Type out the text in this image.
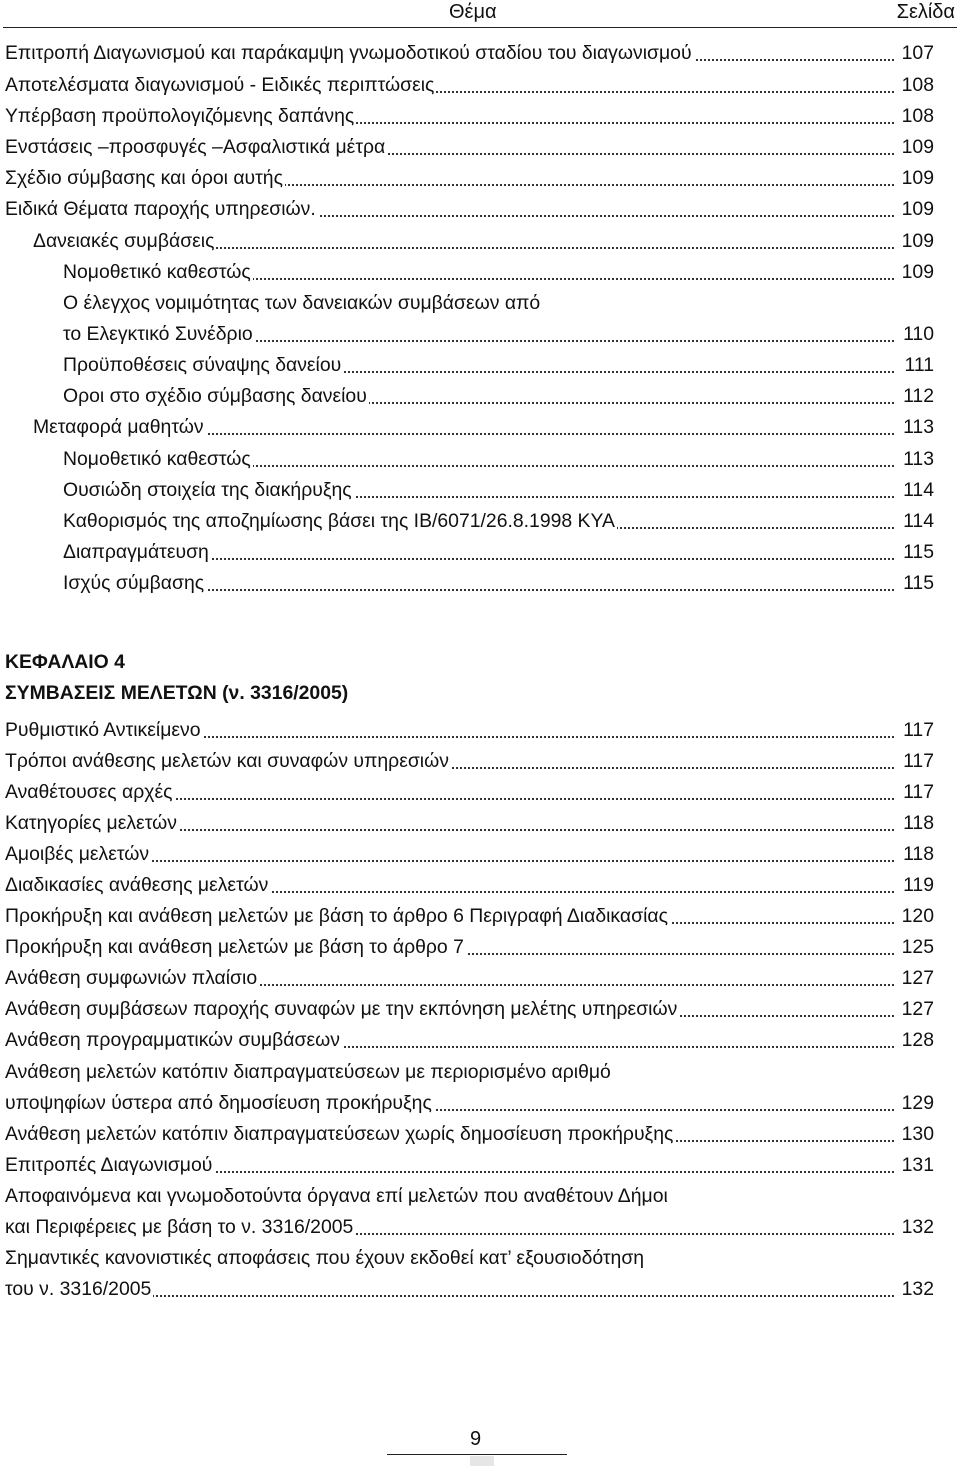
Θέμα	Σελίδα
Επιτροπή Διαγωνισμού και παράκαμψη γνωμοδοτικού σταδίου του διαγωνισμού	107
Αποτελέσματα διαγωνισμού - Ειδικές περιπτώσεις	108
Υπέρβαση προϋπολογιζόμενης δαπάνης	108
Ενστάσεις –προσφυγές –Ασφαλιστικά μέτρα	109
Σχέδιο σύμβασης και όροι αυτής	109
Ειδικά Θέματα παροχής υπηρεσιών.	109
Δανειακές συμβάσεις	109
Νομοθετικό καθεστώς	109
Ο έλεγχος νομιμότητας των δανειακών συμβάσεων από
το Ελεγκτικό Συνέδριο	110
Προϋποθέσεις σύναψης δανείου	111
Οροι στο σχέδιο σύμβασης δανείου	112
Μεταφορά μαθητών	113
Νομοθετικό καθεστώς	113
Ουσιώδη στοιχεία της διακήρυξης	114
Καθορισμός της αποζημίωσης βάσει της ΙΒ/6071/26.8.1998 ΚΥΑ	114
Διαπραγμάτευση	115
Ισχύς σύμβασης	115
ΚΕΦΑΛΑΙΟ 4
ΣΥΜΒΑΣΕΙΣ ΜΕΛΕΤΩΝ (ν. 3316/2005)
Ρυθμιστικό Αντικείμενο	117
Τρόποι ανάθεσης μελετών και συναφών υπηρεσιών	117
Αναθέτουσες αρχές	117
Κατηγορίες μελετών	118
Αμοιβές μελετών	118
Διαδικασίες ανάθεσης μελετών	119
Προκήρυξη και ανάθεση μελετών με βάση το άρθρο 6 Περιγραφή Διαδικασίας	120
Προκήρυξη και ανάθεση μελετών με βάση το άρθρο 7	125
Ανάθεση συμφωνιών πλαίσιο	127
Ανάθεση συμβάσεων παροχής συναφών με την εκπόνηση μελέτης υπηρεσιών	127
Ανάθεση προγραμματικών συμβάσεων	128
Ανάθεση μελετών κατόπιν διαπραγματεύσεων με περιορισμένο αριθμό
υποψηφίων ύστερα από δημοσίευση προκήρυξης	129
Ανάθεση μελετών κατόπιν διαπραγματεύσεων χωρίς δημοσίευση προκήρυξης	130
Επιτροπές Διαγωνισμού	131
Αποφαινόμενα και γνωμοδοτούντα όργανα επί μελετών που αναθέτουν Δήμοι
και Περιφέρειες με βάση το ν. 3316/2005	132
Σημαντικές κανονιστικές αποφάσεις που έχουν εκδοθεί κατ’ εξουσιοδότηση
του ν. 3316/2005	132
9
